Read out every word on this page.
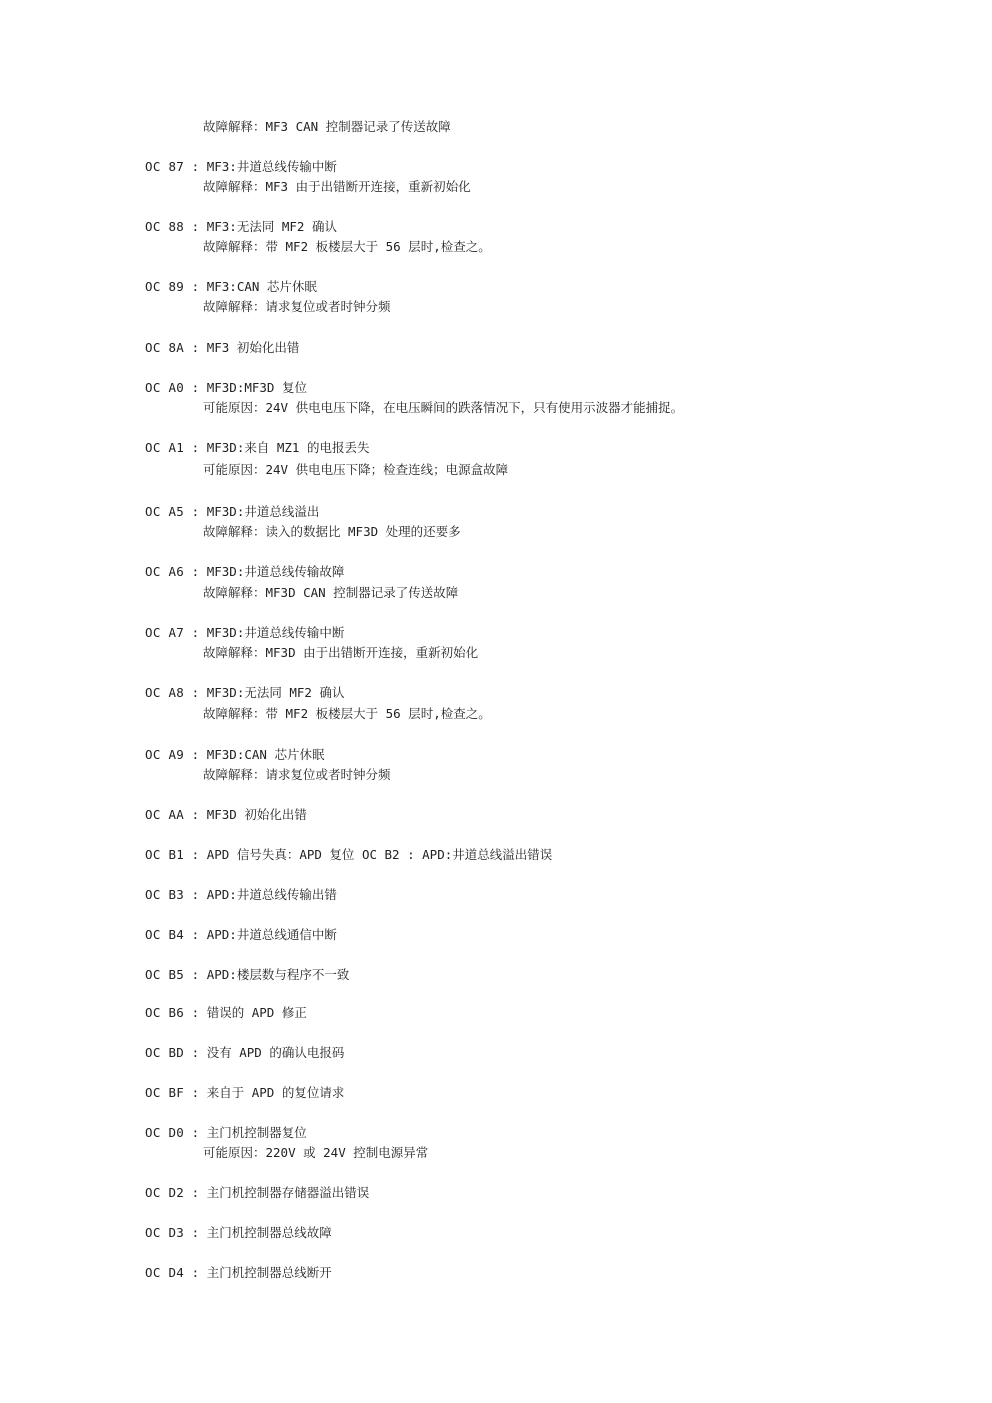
故障解释：MF3 CAN 控制器记录了传送故障
OC 87 : MF3:井道总线传输中断
故障解释：MF3 由于出错断开连接，重新初始化
OC 88 : MF3:无法同 MF2 确认
故障解释：带 MF2 板楼层大于 56 层时,检查之。
OC 89 : MF3:CAN 芯片休眠
故障解释：请求复位或者时钟分频
OC 8A : MF3 初始化出错
OC A0 : MF3D:MF3D 复位
可能原因：24V 供电电压下降，在电压瞬间的跌落情况下，只有使用示波器才能捕捉。
OC A1 : MF3D:来自 MZ1 的电报丢失
可能原因：24V 供电电压下降；检查连线；电源盒故障
OC A5 : MF3D:井道总线溢出
故障解释：读入的数据比 MF3D 处理的还要多
OC A6 : MF3D:井道总线传输故障
故障解释：MF3D CAN 控制器记录了传送故障
OC A7 : MF3D:井道总线传输中断
故障解释：MF3D 由于出错断开连接，重新初始化
OC A8 : MF3D:无法同 MF2 确认
故障解释：带 MF2 板楼层大于 56 层时,检查之。
OC A9 : MF3D:CAN 芯片休眠
故障解释：请求复位或者时钟分频
OC AA : MF3D 初始化出错
OC B1 : APD 信号失真：APD 复位 OC B2 : APD:井道总线溢出错误
OC B3 : APD:井道总线传输出错
OC B4 : APD:井道总线通信中断
OC B5 : APD:楼层数与程序不一致
OC B6 : 错误的 APD 修正
OC BD : 没有 APD 的确认电报码
OC BF : 来自于 APD 的复位请求
OC D0 : 主门机控制器复位
可能原因：220V 或 24V 控制电源异常
OC D2 : 主门机控制器存储器溢出错误
OC D3 : 主门机控制器总线故障
OC D4 : 主门机控制器总线断开
